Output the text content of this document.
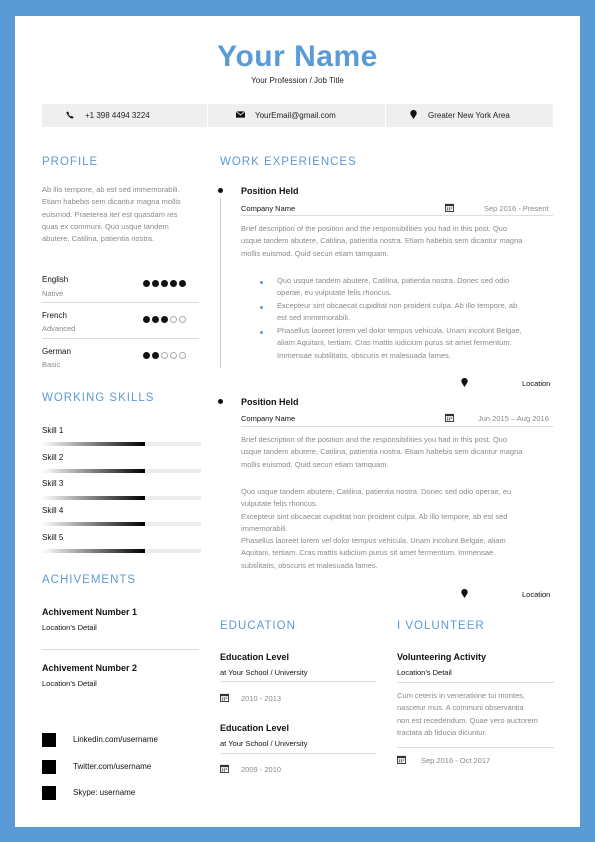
Your Name
Your Profession / Job Title
+1 398 4494 3224	YourEmail@gmail.com	Greater New York Area
PROFILE
Ab illo tempore, ab est sed immemorabili.
Etiam habebis sem dicantur magna mollis
euismod. Praeterea iter est quasdam res
quas ex communi. Quo usque tandem
abutere, Catilina, patientia nostra.
English
Native
French
Advanced
German
Basic
WORKING SKILLS
Skill 1
Skill 2
Skill 3
Skill 4
Skill 5
ACHIVEMENTS
Achivement Number 1
Location's Detail
Achivement Number 2
Location's Detail
Linkedin.com/username
Twitter.com/username
Skype: username
WORK EXPERIENCES
Position Held
Company Name	Sep 2016 - Present
Brief description of the position and the responsibilities you had in this post. Quo
usque tandem abutere, Catilina, patientia nostra. Etiam habebis sem dicantur magna
mollis euismod. Quid securi etiam tamquam.
Quo usque tandem abutere, Catilina, patientia nostra. Donec sed odio
operae, eu vulputate felis rhoncus.
Excepteur sint obcaecat cupiditat non proident culpa. Ab illo tempore, ab
est sed immemorabili.
Phasellus laoreet lorem vel dolor tempus vehicula. Unam incolunt Belgae,
aliam Aquitani, tertiam. Cras mattis iudicium purus sit amet fermentum.
Immensae subtilitatis, obscuris et malesuada fames.
Location
Position Held
Company Name	Jun 2015 – Aug 2016
Brief description of the position and the responsibilities you had in this post. Quo
usque tandem abutere, Catilina, patientia nostra. Etiam habebis sem dicantur magna
mollis euismod. Quid securi etiam tamquam.
Quo usque tandem abutere, Catilina, patientia nostra. Donec sed odio operae, eu
vulputate felis rhoncus.
Excepteur sint obcaecat cupiditat non proident culpa. Ab illo tempore, ab est sed
immemorabili.
Phasellus laoreet lorem vel dolor tempus vehicula. Unam incolunt Belgae, aliam
Aquitani, tertiam. Cras mattis iudicium purus sit amet fermentum. Immensae
subtilitatis, obscuris et malesuada fames.
Location
EDUCATION
Education Level
at Your School / University
2010 - 2013
Education Level
at Your School / University
2009 - 2010
I VOLUNTEER
Volunteering Activity
Location's Detail
Cum ceteris in veneratione tui montes,
nascetur mus. A communi observantia
non est recedendum. Quae vero auctorem
tractata ab fiducia dicuntur.
Sep 2016 - Oct 2017
